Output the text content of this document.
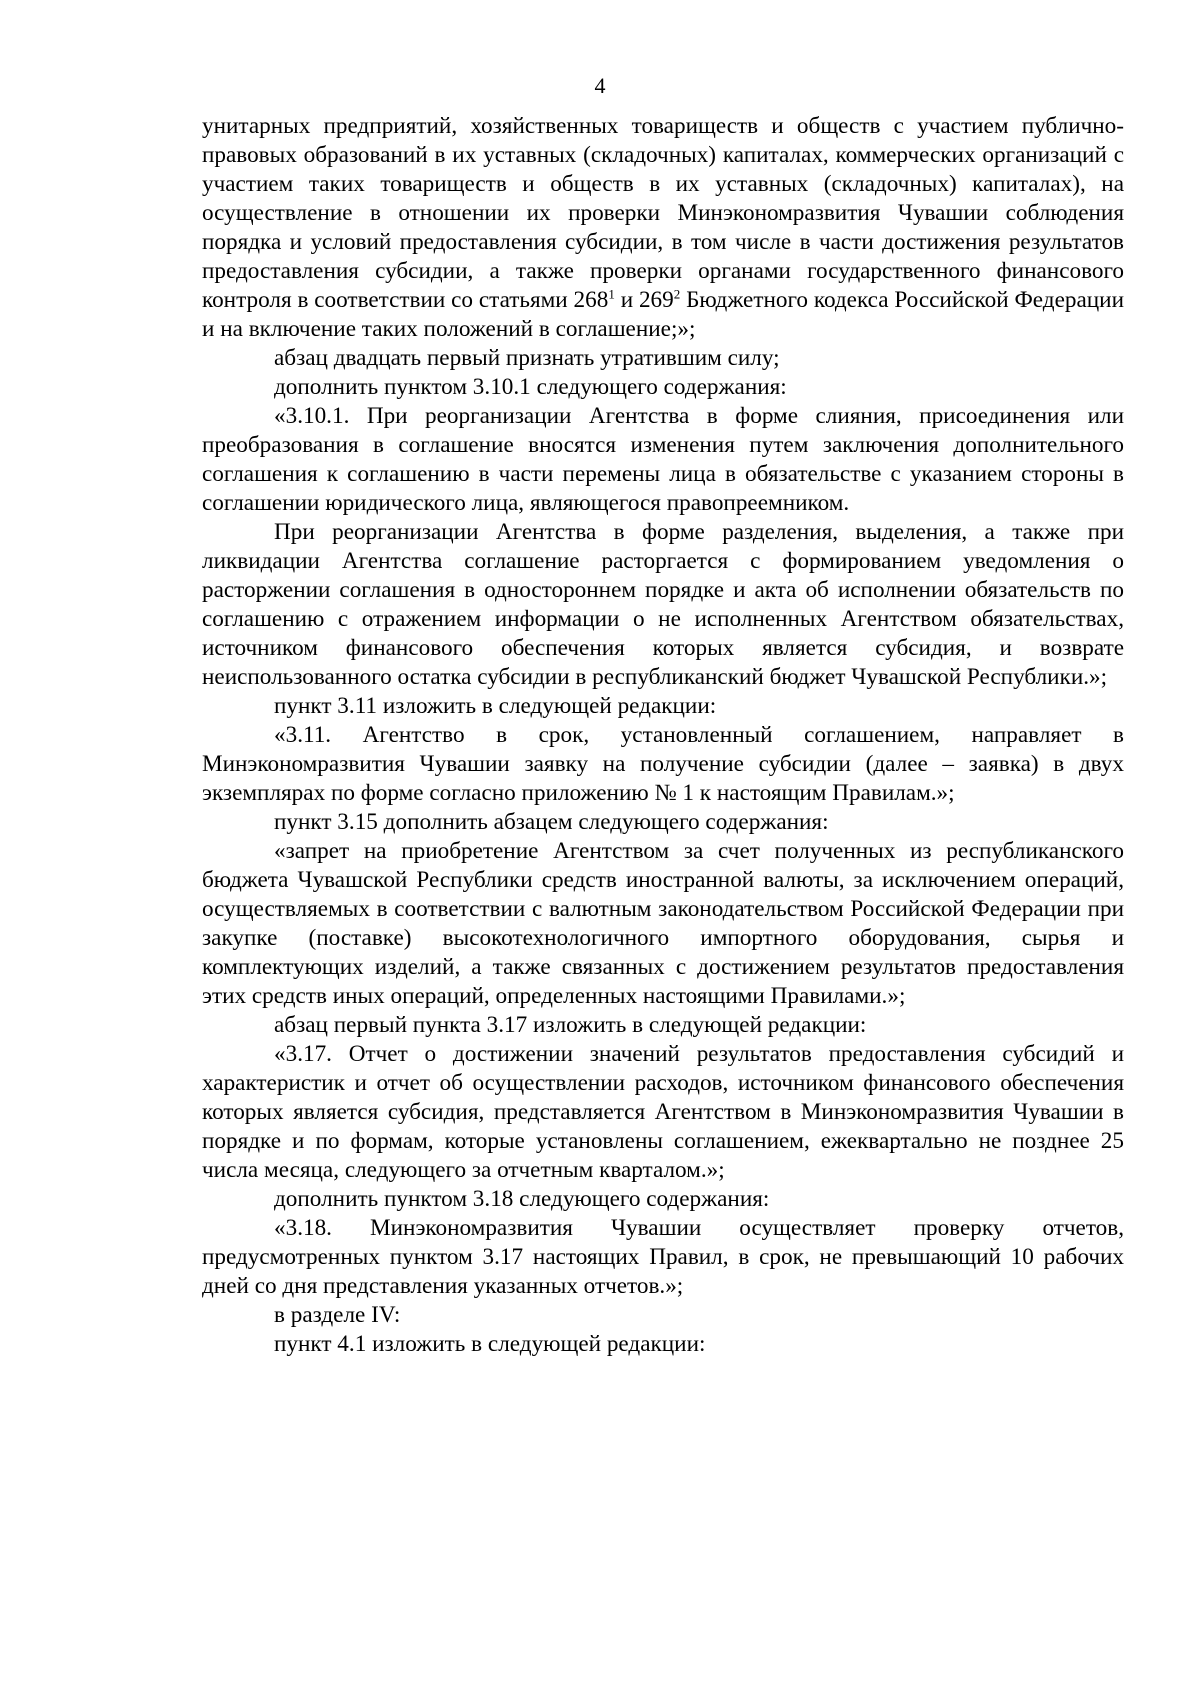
4

унитарных предприятий, хозяйственных товариществ и обществ с участием публично-правовых образований в их уставных (складочных) капиталах, коммерческих организаций с участием таких товариществ и обществ в их уставных (складочных) капиталах), на осуществление в отношении их проверки Минэкономразвития Чувашии соблюдения порядка и условий предоставления субсидии, в том числе в части достижения результатов предоставления субсидии, а также проверки органами государственного финансового контроля в соответствии со статьями $268^1$ и $269^2$ Бюджетного кодекса Российской Федерации и на включение таких положений в соглашение;»;

абзац двадцать первый признать утратившим силу;

дополнить пунктом 3.10.1 следующего содержания:

«3.10.1. При реорганизации Агентства в форме слияния, присоединения или преобразования в соглашение вносятся изменения путем заключения дополнительного соглашения к соглашению в части перемены лица в обязательстве с указанием стороны в соглашении юридического лица, являющегося правопреемником.

При реорганизации Агентства в форме разделения, выделения, а также при ликвидации Агентства соглашение расторгается с формированием уведомления о расторжении соглашения в одностороннем порядке и акта об исполнении обязательств по соглашению с отражением информации о не исполненных Агентством обязательствах, источником финансового обеспечения которых является субсидия, и возврате неиспользованного остатка субсидии в республиканский бюджет Чувашской Республики.»;

пункт 3.11 изложить в следующей редакции:

«3.11. Агентство в срок, установленный соглашением, направляет в Минэкономразвития Чувашии заявку на получение субсидии (далее – заявка) в двух экземплярах по форме согласно приложению № 1 к настоящим Правилам.»;

пункт 3.15 дополнить абзацем следующего содержания:

«запрет на приобретение Агентством за счет полученных из республиканского бюджета Чувашской Республики средств иностранной валюты, за исключением операций, осуществляемых в соответствии с валютным законодательством Российской Федерации при закупке (поставке) высокотехнологичного импортного оборудования, сырья и комплектующих изделий, а также связанных с достижением результатов предоставления этих средств иных операций, определенных настоящими Правилами.»;

абзац первый пункта 3.17 изложить в следующей редакции:

«3.17. Отчет о достижении значений результатов предоставления субсидий и характеристик и отчет об осуществлении расходов, источником финансового обеспечения которых является субсидия, представляется Агентством в Минэкономразвития Чувашии в порядке и по формам, которые установлены соглашением, ежеквартально не позднее 25 числа месяца, следующего за отчетным кварталом.»;

дополнить пунктом 3.18 следующего содержания:

«3.18. Минэкономразвития Чувашии осуществляет проверку отчетов, предусмотренных пунктом 3.17 настоящих Правил, в срок, не превышающий 10 рабочих дней со дня представления указанных отчетов.»;

в разделе IV:

пункт 4.1 изложить в следующей редакции:
